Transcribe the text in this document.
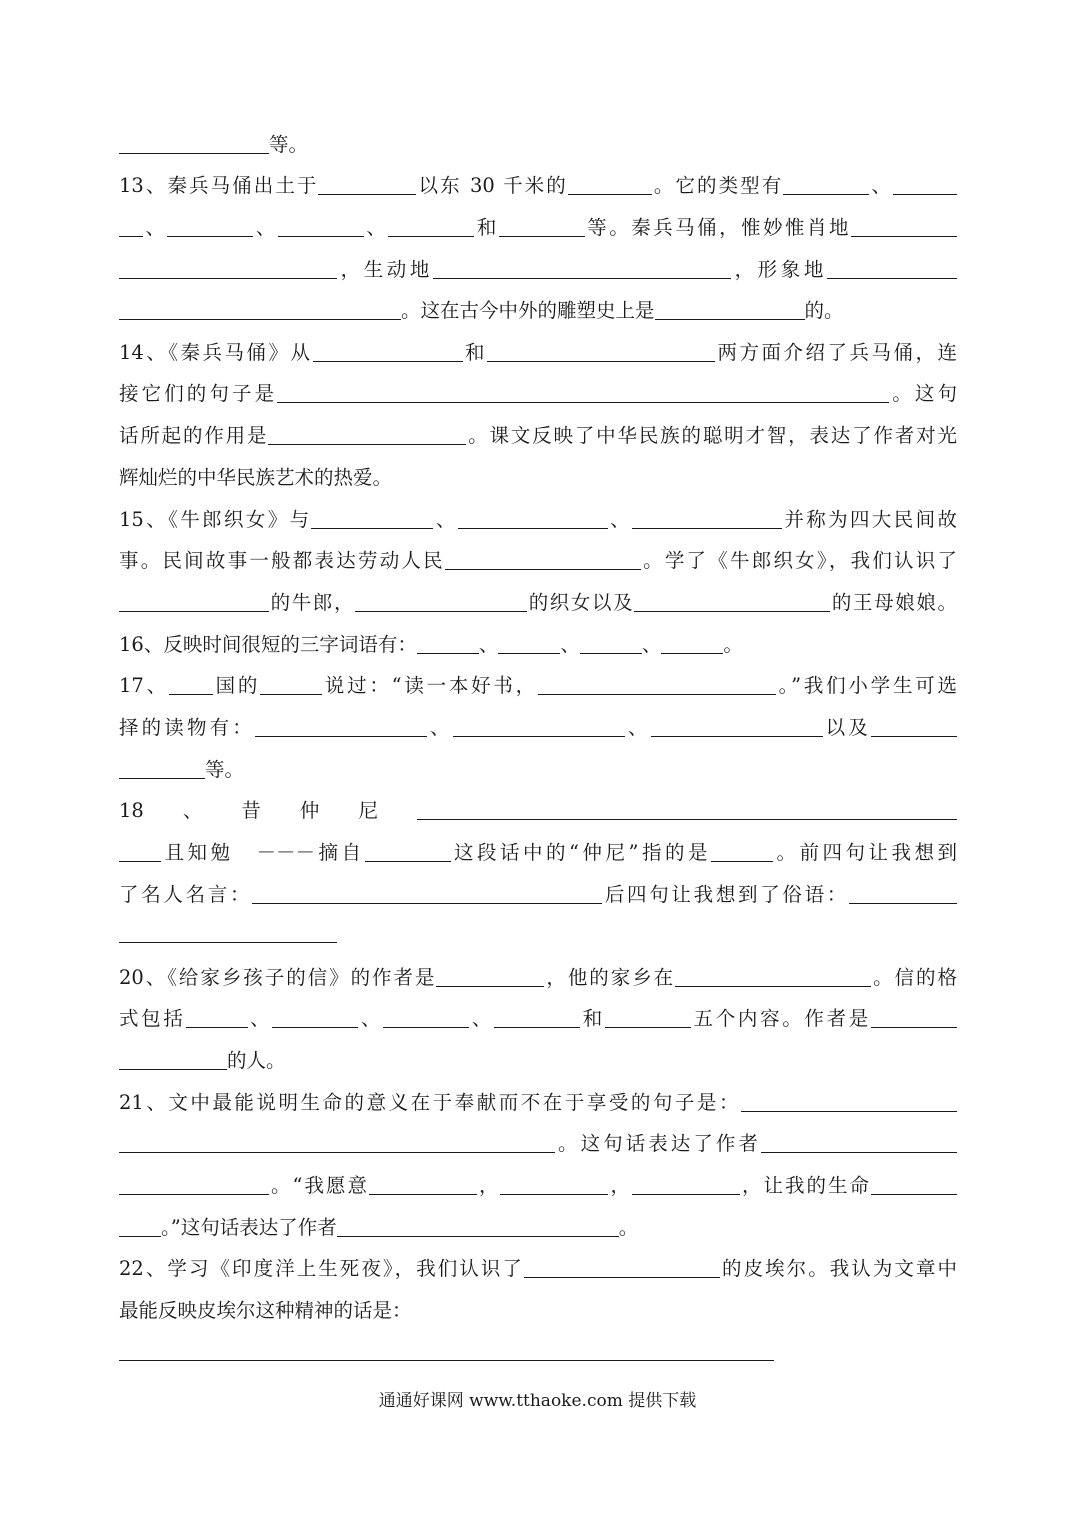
等。
13、秦兵马俑出土于	以东 30 千米的	。它的类型有	、
、	、	、	和	等。秦兵马俑，惟妙惟肖地
，生动地	，形象地
。这在古今中外的雕塑史上是	的。
14、《秦兵马俑》从	和	两方面介绍了兵马俑，连
接它们的句子是	。这句
话所起的作用是	。课文反映了中华民族的聪明才智，表达了作者对光
辉灿烂的中华民族艺术的热爱。
15、《牛郎织女》与	、	、	并称为四大民间故
事。民间故事一般都表达劳动人民	。学了《牛郎织女》，我们认识了
的牛郎，	的织女以及	的王母娘娘。
16、反映时间很短的三字词语有：	、	、	、	。
17、 国的	说过：“读一本好书，	。”我们小学生可选
择的读物有：	、	、	以及
等。
18、昔仲尼
且知勉　－－－摘自	这段话中的“仲尼”指的是	。前四句让我想到
了名人名言：	后四句让我想到了俗语：
20、《给家乡孩子的信》的作者是	，他的家乡在	。信的格
式包括	、	、	、	和	五个内容。作者是
的人。
21、文中最能说明生命的意义在于奉献而不在于享受的句子是：
。这句话表达了作者
。“我愿意	，	，	，让我的生命
。”这句话表达了作者	。
22、学习《印度洋上生死夜》，我们认识了	的皮埃尔。我认为文章中
最能反映皮埃尔这种精神的话是：
通通好课网 www.tthaoke.com 提供下载
